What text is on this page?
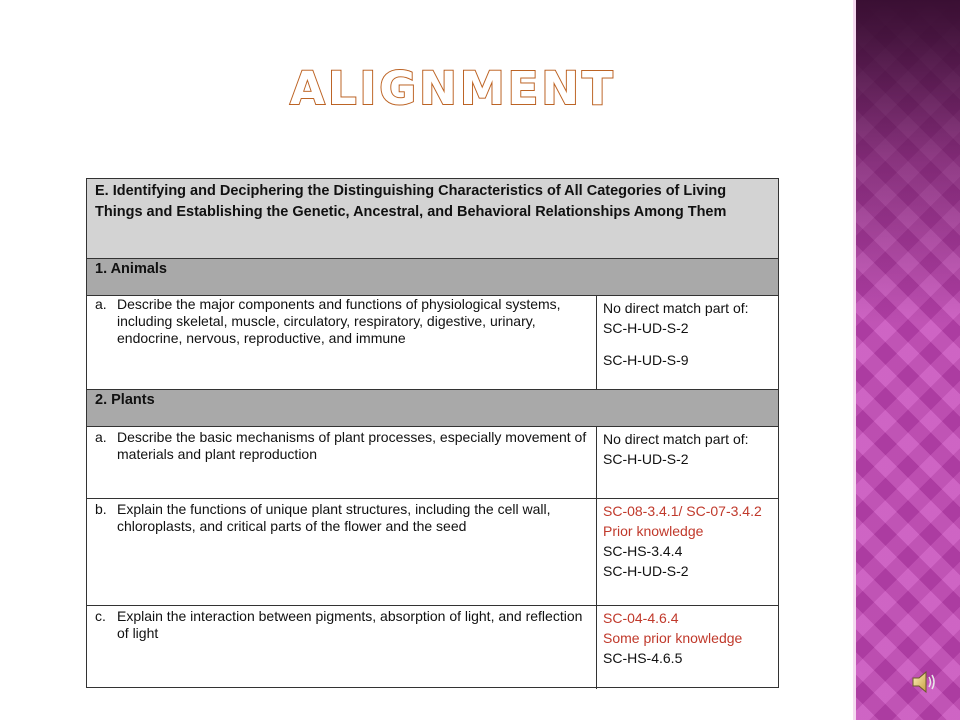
ALIGNMENT
E. Identifying and Deciphering the Distinguishing Characteristics of All Categories of Living Things and Establishing the Genetic, Ancestral, and Behavioral Relationships Among Them
1. Animals
a. Describe the major components and functions of physiological systems, including skeletal, muscle, circulatory, respiratory, digestive, urinary, endocrine, nervous, reproductive, and immune
No direct match part of:
SC-H-UD-S-2
SC-H-UD-S-9
2. Plants
a. Describe the basic mechanisms of plant processes, especially movement of materials and plant reproduction
No direct match part of:
SC-H-UD-S-2
b. Explain the functions of unique plant structures, including the cell wall, chloroplasts, and critical parts of the flower and the seed
SC-08-3.4.1/ SC-07-3.4.2
Prior knowledge
SC-HS-3.4.4
SC-H-UD-S-2
c. Explain the interaction between pigments, absorption of light, and reflection of light
SC-04-4.6.4
Some prior knowledge
SC-HS-4.6.5
